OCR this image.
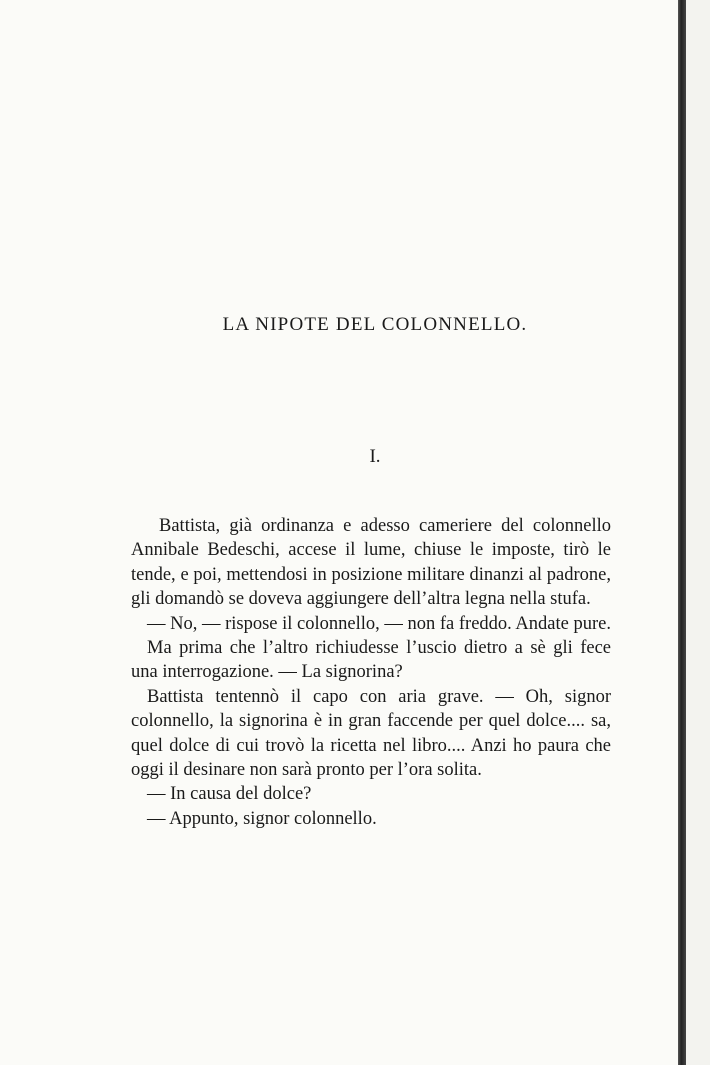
LA NIPOTE DEL COLONNELLO.
I.

Battista, già ordinanza e adesso cameriere del colonnello Annibale Bedeschi, accese il lume, chiuse le imposte, tirò le tende, e poi, mettendosi in posizione militare dinanzi al padrone, gli domandò se doveva aggiungere dell’altra legna nella stufa.

— No, — rispose il colonnello, — non fa freddo. Andate pure.

Ma prima che l’altro richiudesse l’uscio dietro a sè gli fece una interrogazione. — La signorina?

Battista tentennò il capo con aria grave. — Oh, signor colonnello, la signorina è in gran faccende per quel dolce.... sa, quel dolce di cui trovò la ricetta nel libro.... Anzi ho paura che oggi il desinare non sarà pronto per l’ora solita.

— In causa del dolce?

— Appunto, signor colonnello.
